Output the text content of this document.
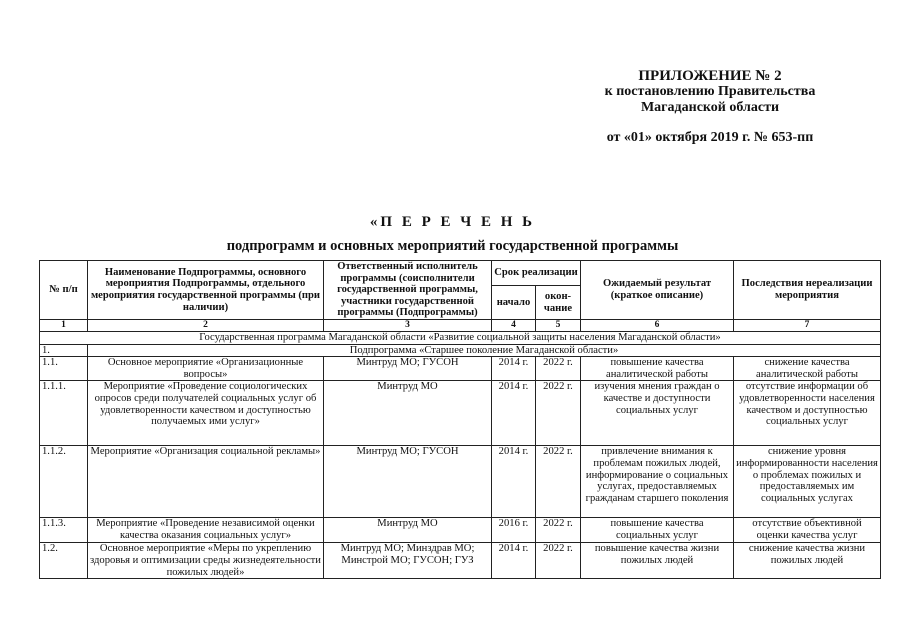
ПРИЛОЖЕНИЕ № 2
к постановлению Правительства
Магаданской области
от «01» октября 2019 г. № 653-пп
«П Е Р Е Ч Е Н Ь
подпрограмм и основных мероприятий государственной программы
№ п/п	Наименование Подпрограммы, основного мероприятия Подпрограммы, отдельного мероприятия государственной программы (при наличии)	Ответственный исполнитель программы (соисполнители государственной программы, участники государственной программы (Подпрограммы)	Срок реализации		Ожидаемый результат (краткое описание)	Последствия нереализации мероприятия
			начало	окон-чание		
1	2	3	4	5	6	7
Государственная программа Магаданской области «Развитие социальной защиты населения Магаданской области»						
1.	Подпрограмма «Старшее поколение Магаданской области»					
1.1.	Основное мероприятие «Организационные вопросы»	Минтруд МО; ГУСОН	2014 г.	2022 г.	повышение качества аналитической работы	снижение качества аналитической работы
1.1.1.	Мероприятие «Проведение социологических опросов среди получателей социальных услуг об удовлетворенности качеством и доступностью получаемых ими услуг»	Минтруд МО	2014 г.	2022 г.	изучения мнения граждан о качестве и доступности социальных услуг	отсутствие информации об удовлетворенности населения качеством и доступностью социальных услуг
1.1.2.	Мероприятие «Организация социальной рекламы»	Минтруд МО; ГУСОН	2014 г.	2022 г.	привлечение внимания к проблемам пожилых людей, информирование о социальных услугах, предоставляемых гражданам старшего поколения	снижение уровня информированности населения о проблемах пожилых и предоставляемых им социальных услугах
1.1.3.	Мероприятие «Проведение независимой оценки качества оказания социальных услуг»	Минтруд МО	2016 г.	2022 г.	повышение качества социальных услуг	отсутствие объективной оценки качества услуг
1.2.	Основное мероприятие «Меры по укреплению здоровья и оптимизации среды жизнедеятельности пожилых людей»	Минтруд МО; Минздрав МО; Минстрой МО; ГУСОН; ГУЗ	2014 г.	2022 г.	повышение качества жизни пожилых людей	снижение качества жизни пожилых людей
